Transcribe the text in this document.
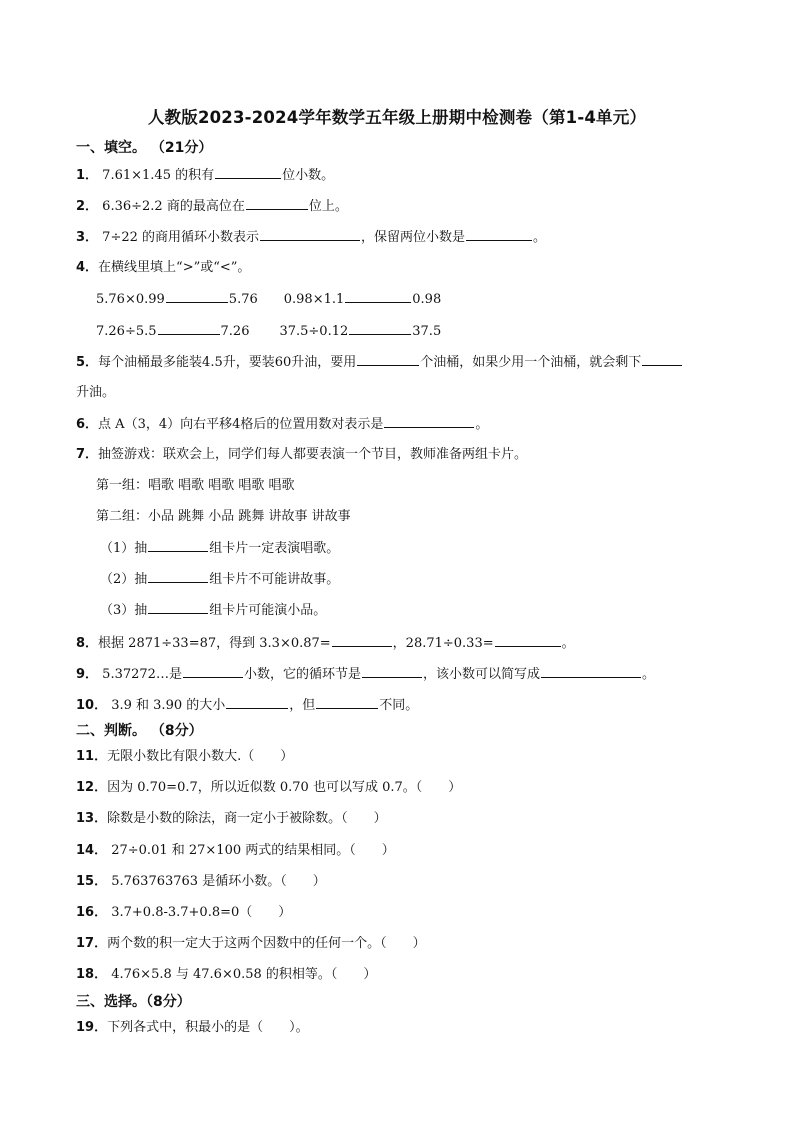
人教版2023-2024学年数学五年级上册期中检测卷（第1-4单元）
一、填空。 （21分）
1． 7.61×1.45 的积有	位小数。
2． 6.36÷2.2 商的最高位在	位上。
3． 7÷22 的商用循环小数表示	，保留两位小数是	。
4．在横线里填上“>”或“<”。
5.76×0.99	5.76 0.98×1.1	0.98
7.26÷5.5	7.26 37.5÷0.12	37.5
5．每个油桶最多能装4.5升，要装60升油，要用	个油桶，如果少用一个油桶，就会剩下
升油。
6．点 A（3，4）向右平移4格后的位置用数对表示是	。
7．抽签游戏：联欢会上，同学们每人都要表演一个节目，教师准备两组卡片。
第一组：唱歌 唱歌 唱歌 唱歌 唱歌
第二组：小品 跳舞 小品 跳舞 讲故事 讲故事
（1）抽	组卡片一定表演唱歌。
（2）抽	组卡片不可能讲故事。
（3）抽	组卡片可能演小品。
8．根据 2871÷33=87，得到 3.3×0.87=	，28.71÷0.33=	。
9． 5.37272…是	小数，它的循环节是	，该小数可以简写成	。
10． 3.9 和 3.90 的大小	，但	不同。
二、判断。 （8分）
11．无限小数比有限小数大.（　　）
12．因为 0.70=0.7，所以近似数 0.70 也可以写成 0.7。（　　）
13．除数是小数的除法，商一定小于被除数。（　　）
14． 27÷0.01 和 27×100 两式的结果相同。（　　）
15． 5.763763763 是循环小数。（　　）
16． 3.7+0.8-3.7+0.8=0（　　）
17．两个数的积一定大于这两个因数中的任何一个。（　　）
18． 4.76×5.8 与 47.6×0.58 的积相等。（　　）
三、选择。（8分）
19．下列各式中，积最小的是（　　）。
